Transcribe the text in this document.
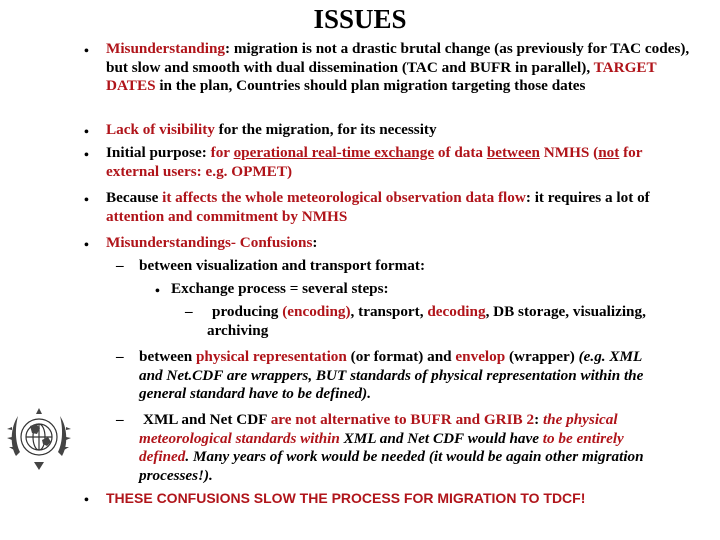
ISSUES
• Misunderstanding: migration is not a drastic brutal change (as previously for TAC codes), but slow and smooth with dual dissemination (TAC and BUFR in parallel), TARGET DATES in the plan, Countries should plan migration targeting those dates
• Lack of visibility for the migration, for its necessity
• Initial purpose: for operational real-time exchange of data between NMHS (not for external users: e.g. OPMET)
• Because it affects the whole meteorological observation data flow: it requires a lot of attention and commitment by NMHS
• Misunderstandings- Confusions:
– between visualization and transport format:
• Exchange process = several steps:
–	producing (encoding), transport, decoding, DB storage, visualizing, archiving
– between physical representation (or format) and envelop (wrapper) (e.g. XML and Net.CDF are wrappers, BUT standards of physical representation within the general standard have to be defined).
– XML and Net CDF are not alternative to BUFR and GRIB 2: the physical meteorological standards within XML and Net CDF would have to be entirely defined. Many years of work would be needed (it would be again other migration processes!).
• THESE CONFUSIONS SLOW THE PROCESS FOR MIGRATION TO TDCF!
